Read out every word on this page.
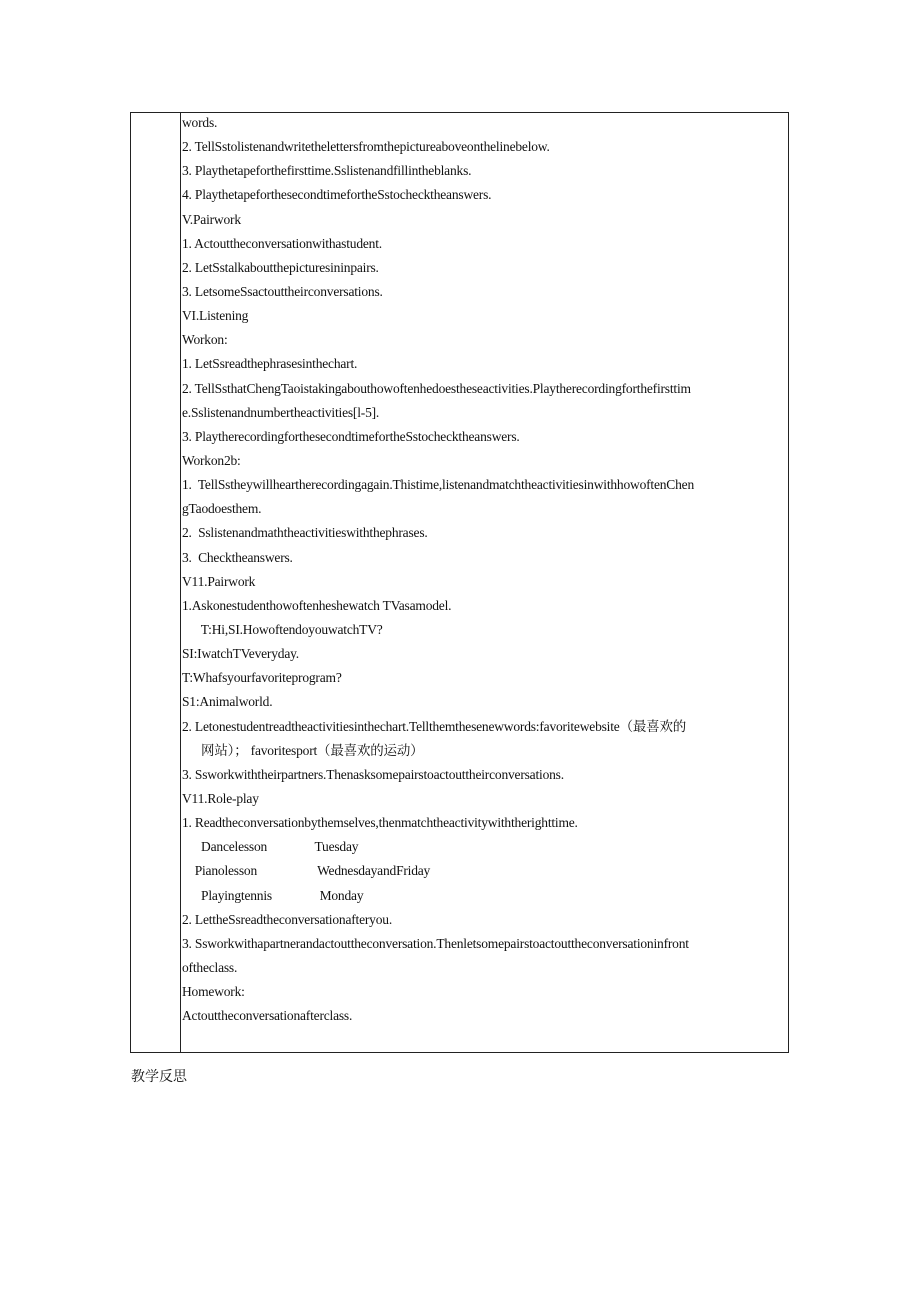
words.
2. TellSstolistenandwritethelettersfromthepictureaboveonthelinebelow.
3. Playthetapeforthefirsttime.Sslistenandfillintheblanks.
4. PlaythetapeforthesecondtimefortheSstochecktheanswers.
V.Pairwork
1. Actouttheconversationwithastudent.
2. LetSstalkaboutthepicturesininpairs.
3. LetsomeSsactouttheirconversations.
VI.Listening
Workon:
1. LetSsreadthephrasesinthechart.
2. TellSsthatChengTaoistakingabouthowoftenhedoestheseactivities.Playtherecordingforthefirsttim
e.Sslistenandnumbertheactivities[l-5].
3. PlaytherecordingforthesecondtimefortheSstochecktheanswers.
Workon2b:
1.  TellSstheywillheartherecordingagain.Thistime,listenandmatchtheactivitiesinwithhowoftenChen
gTaodoesthem.
2.  Sslistenandmaththeactivitieswiththephrases.
3.  Checktheanswers.
V11.Pairwork
1.Askonestudenthowoftenheshewatch TVasamodel.
T:Hi,SI.HowoftendoyouwatchTV?
SI:IwatchTVeveryday.
T:Whafsyourfavoriteprogram?
S1:Animalworld.
2. Letonestudentreadtheactivitiesinthechart.Tellthemthesenewwords:favoritewebsite（最喜欢的
网站）； favoritesport（最喜欢的运动）
3. Ssworkwiththeirpartners.Thenasksomepairstoactouttheirconversations.
V11.Role-play
1. Readtheconversationbythemselves,thenmatchtheactivitywiththerighttime.
Dancelesson               Tuesday
Pianolesson                   WednesdayandFriday
Playingtennis               Monday
2. LettheSsreadtheconversationafteryou.
3. Ssworkwithapartnerandactouttheconversation.Thenletsomepairstoactouttheconversationinfront
oftheclass.
Homework:
Actouttheconversationafterclass.
教学反思
